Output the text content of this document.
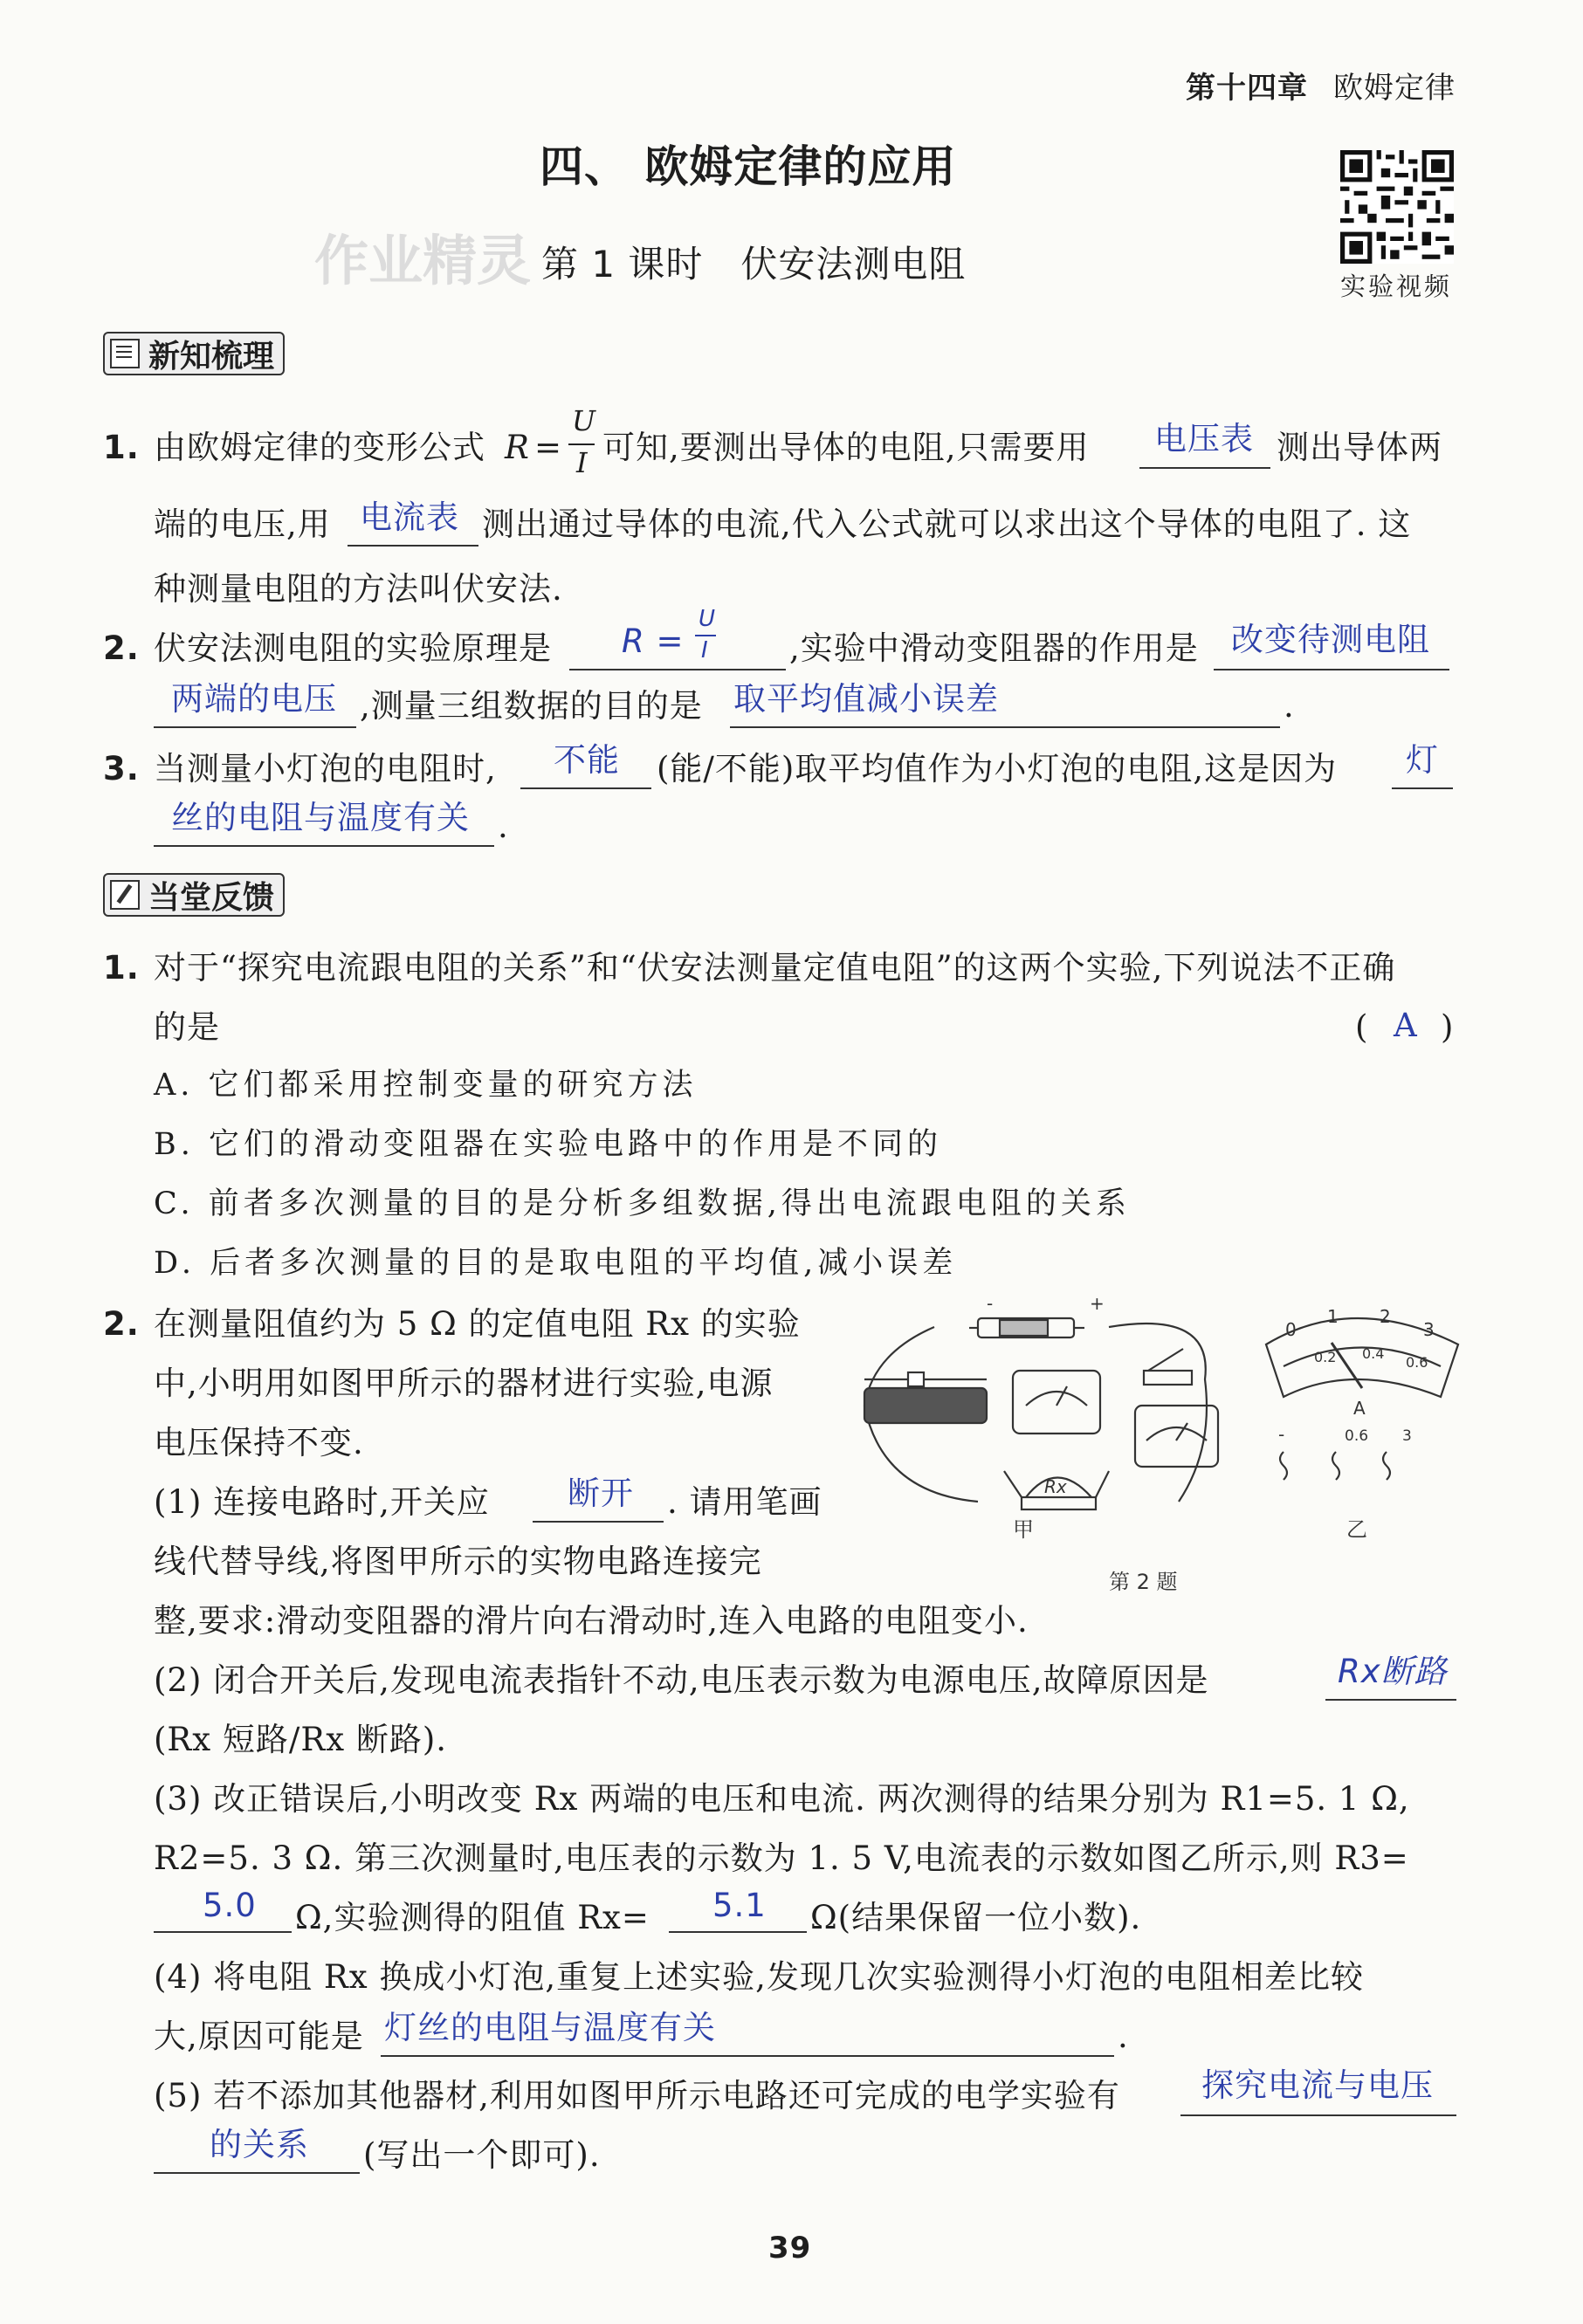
第十四章 欧姆定律
实验视频
四、 欧姆定律的应用
作业精灵 第 1 课时　伏安法测电阻
新知梳理
1. 由欧姆定律的变形公式 R =
U
I 可知,要测出导体的电阻,只需要用 电压表 测出导体两
端的电压,用 电流表 测出通过导体的电流,代入公式就可以求出这个导体的电阻了. 这
种测量电阻的方法叫伏安法.
2. 伏安法测电阻的实验原理是 R =
U
I ,实验中滑动变阻器的作用是 改变待测电阻
两端的电压 ,测量三组数据的目的是 取平均值减小误差	.
3. 当测量小灯泡的电阻时, 不能 (能/不能)取平均值作为小灯泡的电阻,这是因为 灯
丝的电阻与温度有关 .
当堂反馈
1. 对于“探究电流跟电阻的关系”和“伏安法测量定值电阻”的这两个实验,下列说法不正确
的是	( A )
A. 它们都采用控制变量的研究方法
B. 它们的滑动变阻器在实验电路中的作用是不同的
C. 前者多次测量的目的是分析多组数据,得出电流跟电阻的关系
D. 后者多次测量的目的是取电阻的平均值,减小误差
2. 在测量阻值约为 5 Ω 的定值电阻 Rx 的实验
中,小明用如图甲所示的器材进行实验,电源
电压保持不变.
(1) 连接电路时,开关应 断开 . 请用笔画
线代替导线,将图甲所示的实物电路连接完
整,要求:滑动变阻器的滑片向右滑动时,连入电路的电阻变小.
(2) 闭合开关后,发现电流表指针不动,电压表示数为电源电压,故障原因是	Rx断路
(Rx 短路/Rx 断路).
(3) 改正错误后,小明改变 Rx 两端的电压和电流. 两次测得的结果分别为 R1=5. 1 Ω,
R2=5. 3 Ω. 第三次测量时,电压表的示数为 1. 5 V,电流表的示数如图乙所示,则 R3=
5.0 Ω,实验测得的阻值 Rx= 5.1 Ω(结果保留一位小数).
(4) 将电阻 Rx 换成小灯泡,重复上述实验,发现几次实验测得小灯泡的电阻相差比较
大,原因可能是 灯丝的电阻与温度有关	.
(5) 若不添加其他器材,利用如图甲所示电路还可完成的电学实验有	探究电流与电压
的关系 (写出一个即可).
-	+
Rx
0
1 2
3
0.2 0.4
0.6
A
-	0.6 3
甲	乙
第 2 题
39
